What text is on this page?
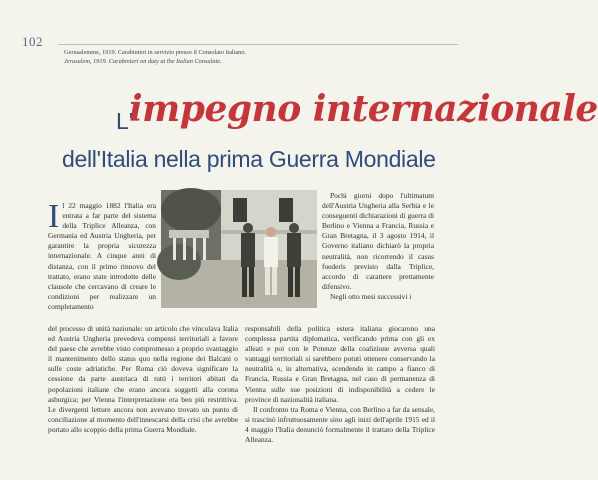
102
Gerusalemme, 1919. Carabinieri in servizio presso il Consolato italiano.
Jerusalem, 1919. Carabinieri on duty at the Italian Consulate.
L'
impegno internazionale
dell'Italia nella prima Guerra Mondiale
I l 22 maggio 1882 l'Italia era entrata a far parte del sistema della Triplice Alleanza, con Germania ed Austria Ungheria, per garantire la propria sicurezza internazionale. A cinque anni di distanza, con il primo rinnovo del trattato, erano state introdotte delle clausole che cercavano di creare le condizioni per realizzare un completamento

Pochi giorni dopo l'ultimatum dell'Austria Ungheria alla Serbia e le conseguenti dichiarazioni di guerra di Berlino e Vienna a Francia, Russia e Gran Bretagna, il 3 agosto 1914, il Governo italiano dichiarò la propria neutralità, non ricorrendo il casus foederis previsto dalla Triplice, accordo di carattere prettamente difensivo.

Negli otto mesi successivi i

del processo di unità nazionale: un articolo che vincolava Italia ed Austria Ungheria prevedeva compensi territoriali a favore del paese che avrebbe visto compromesso a proprio svantaggio il mantenimento dello status quo nella regione dei Balcani o sulle coste adriatiche. Per Roma ciò doveva significare la cessione da parte austriaca di tutti i territori abitati da popolazioni italiane che erano ancora soggetti alla corona asburgica; per Vienna l'interpretazione era ben più restrittiva. Le divergenti letture ancora non avevano trovato un punto di conciliazione al momento dell'innescarsi della crisi che avrebbe portato allo scoppio della prima Guerra Mondiale.

responsabili della politica estera italiana giocarono una complessa partita diplomatica, verificando prima con gli ex alleati e poi con le Potenze della coalizione avversa quali vantaggi territoriali si sarebbero potuti ottenere conservando la neutralità o, in alternativa, scendendo in campo a fianco di Francia, Russia e Gran Bretagna, nel caso di permanenza di Vienna sulle sue posizioni di indisponibilità a cedere le province di nazionalità italiana.

Il confronto tra Roma e Vienna, con Berlino a far da sensale, si trascinò infruttuosamente sino agli inizi dell'aprile 1915 ed il 4 maggio l'Italia denunciò formalmente il trattato della Triplice Alleanza.
